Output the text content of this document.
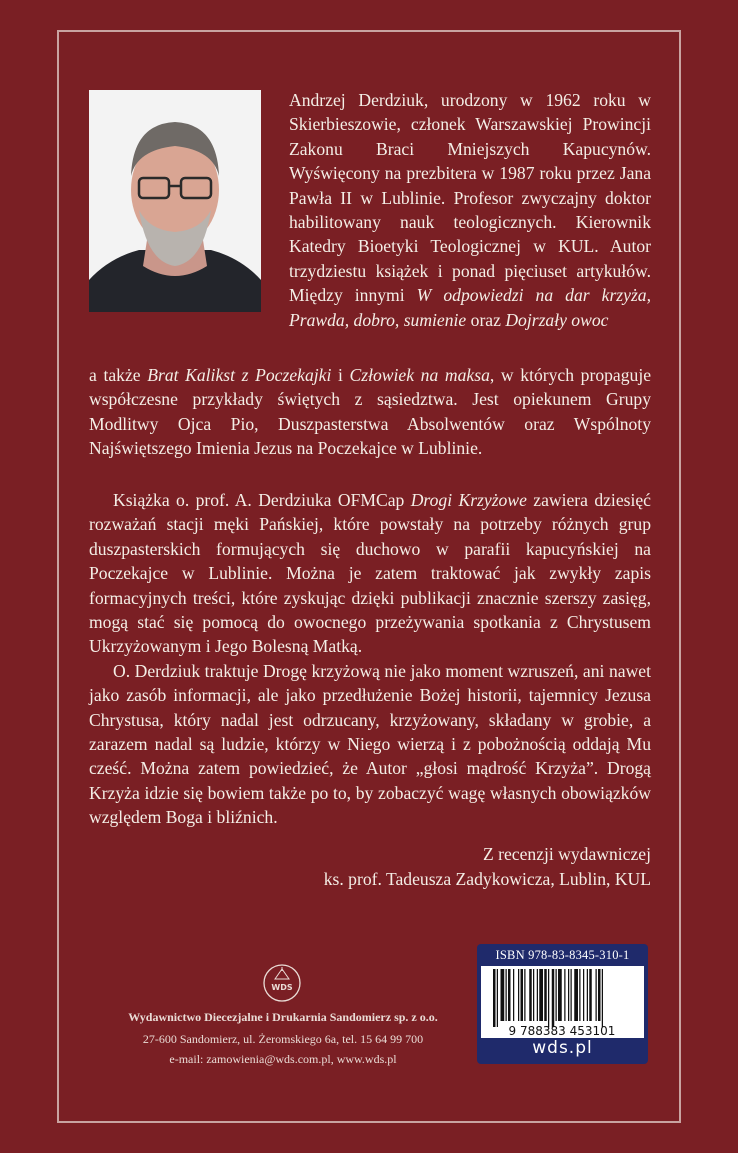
Andrzej Derdziuk, urodzony w 1962 roku w Skierbieszowie, członek Warszawskiej Prowincji Zakonu Braci Mniejszych Kapucynów. Wyświęcony na prezbitera w 1987 roku przez Jana Pawła II w Lublinie. Profesor zwyczajny doktor habilitowany nauk teologicznych. Kierownik Katedry Bioetyki Teologicznej w KUL. Autor trzydziestu książek i ponad pięciuset artykułów. Między innymi W odpowiedzi na dar krzyża, Prawda, dobro, sumienie oraz Dojrzały owoc

a także Brat Kalikst z Poczekajki i Człowiek na maksa, w których propaguje współczesne przykłady świętych z sąsiedztwa. Jest opiekunem Grupy Modlitwy Ojca Pio, Duszpasterstwa Absolwentów oraz Wspólnoty Najświętszego Imienia Jezus na Poczekajce w Lublinie.

Książka o. prof. A. Derdziuka OFMCap Drogi Krzyżowe zawiera dziesięć rozważań stacji męki Pańskiej, które powstały na potrzeby różnych grup duszpasterskich formujących się duchowo w parafii kapucyńskiej na Poczekajce w Lublinie. Można je zatem traktować jak zwykły zapis formacyjnych treści, które zyskując dzięki publikacji znacznie szerszy zasięg, mogą stać się pomocą do owocnego przeżywania spotkania z Chrystusem Ukrzyżowanym i Jego Bolesną Matką.

O. Derdziuk traktuje Drogę krzyżową nie jako moment wzruszeń, ani nawet jako zasób informacji, ale jako przedłużenie Bożej historii, tajemnicy Jezusa Chrystusa, który nadal jest odrzucany, krzyżowany, składany w grobie, a zarazem nadal są ludzie, którzy w Niego wierzą i z pobożnością oddają Mu cześć. Można zatem powiedzieć, że Autor „głosi mądrość Krzyża”. Drogą Krzyża idzie się bowiem także po to, by zobaczyć wagę własnych obowiązków względem Boga i bliźnich.

Z recenzji wydawniczej
ks. prof. Tadeusza Zadykowicza, Lublin, KUL
WDS
Wydawnictwo Diecezjalne i Drukarnia Sandomierz sp. z o.o.
27-600 Sandomierz, ul. Żeromskiego 6a, tel. 15 64 99 700
e-mail: zamowienia@wds.com.pl, www.wds.pl
ISBN 978-83-8345-310-1
9 788383 453101
wds.pl
